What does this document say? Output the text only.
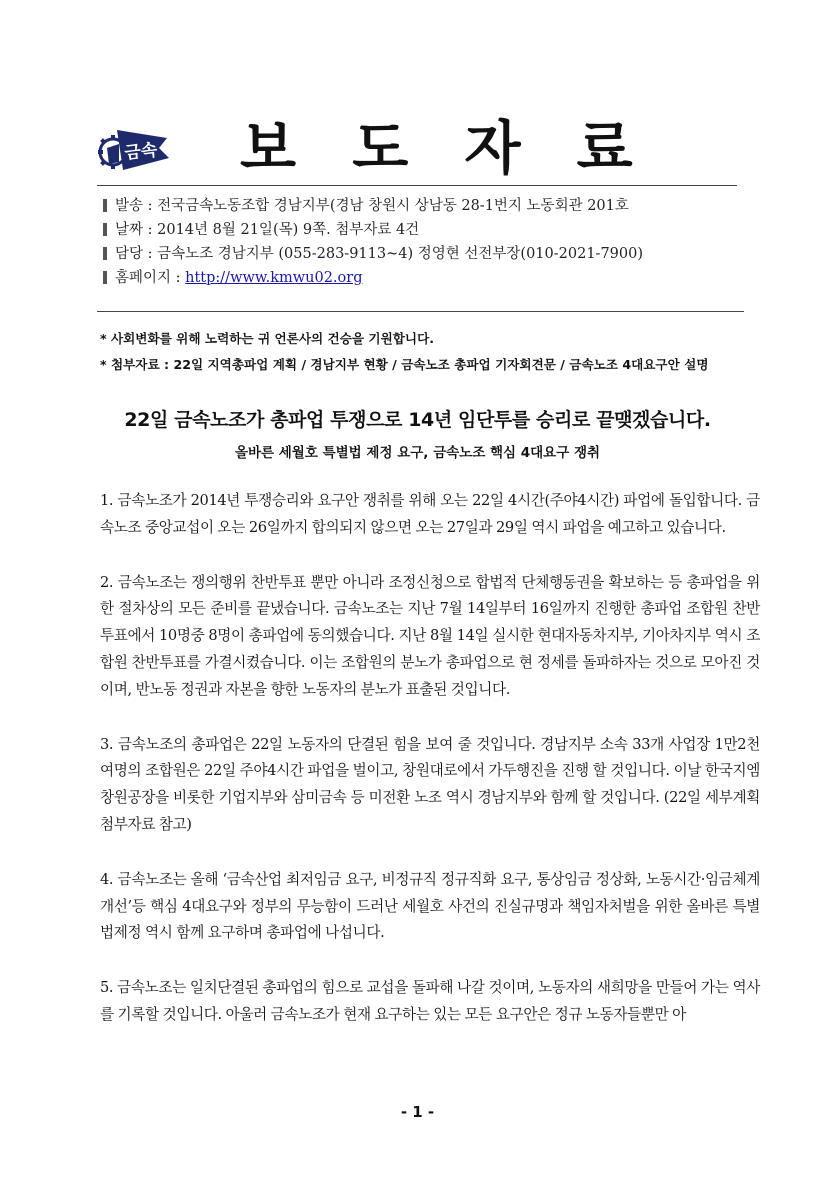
금속 보 도 자 료
발송 : 전국금속노동조합 경남지부(경남 창원시 상남동 28-1번지 노동회관 201호
날짜 : 2014년 8월 21일(목) 9쪽. 첨부자료 4건
담당 : 금속노조 경남지부 (055-283-9113~4) 정영현 선전부장(010-2021-7900)
홈페이지 : http://www.kmwu02.org
* 사회변화를 위해 노력하는 귀 언론사의 건승을 기원합니다.
* 첨부자료 : 22일 지역총파업 계획 / 경남지부 현황 / 금속노조 총파업 기자회견문 / 금속노조 4대요구안 설명
22일 금속노조가 총파업 투쟁으로 14년 임단투를 승리로 끝맺겠습니다.
올바른 세월호 특별법 제정 요구, 금속노조 핵심 4대요구 쟁취

1. 금속노조가 2014년 투쟁승리와 요구안 쟁취를 위해 오는 22일 4시간(주야4시간) 파업에 돌입합니다. 금속노조 중앙교섭이 오는 26일까지 합의되지 않으면 오는 27일과 29일 역시 파업을 예고하고 있습니다.

2. 금속노조는 쟁의행위 찬반투표 뿐만 아니라 조정신청으로 합법적 단체행동권을 확보하는 등 총파업을 위한 절차상의 모든 준비를 끝냈습니다. 금속노조는 지난 7월 14일부터 16일까지 진행한 총파업 조합원 찬반투표에서 10명중 8명이 총파업에 동의했습니다. 지난 8월 14일 실시한 현대자동차지부, 기아차지부 역시 조합원 찬반투표를 가결시켰습니다. 이는 조합원의 분노가 총파업으로 현 정세를 돌파하자는 것으로 모아진 것이며, 반노동 정권과 자본을 향한 노동자의 분노가 표출된 것입니다.

3. 금속노조의 총파업은 22일 노동자의 단결된 힘을 보여 줄 것입니다. 경남지부 소속 33개 사업장 1만2천여명의 조합원은 22일 주야4시간 파업을 벌이고, 창원대로에서 가두행진을 진행 할 것입니다. 이날 한국지엠 창원공장을 비롯한 기업지부와 삼미금속 등 미전환 노조 역시 경남지부와 함께 할 것입니다. (22일 세부계획 첨부자료 참고)

4. 금속노조는 올해 ‘금속산업 최저임금 요구, 비정규직 정규직화 요구, 통상임금 정상화, 노동시간·임금체계 개선’등 핵심 4대요구와 정부의 무능함이 드러난 세월호 사건의 진실규명과 책임자처벌을 위한 올바른 특별법제정 역시 함께 요구하며 총파업에 나섭니다.

5. 금속노조는 일치단결된 총파업의 힘으로 교섭을 돌파해 나갈 것이며, 노동자의 새희망을 만들어 가는 역사를 기록할 것입니다. 아울러 금속노조가 현재 요구하는 있는 모든 요구안은 정규 노동자들뿐만 아

- 1 -
